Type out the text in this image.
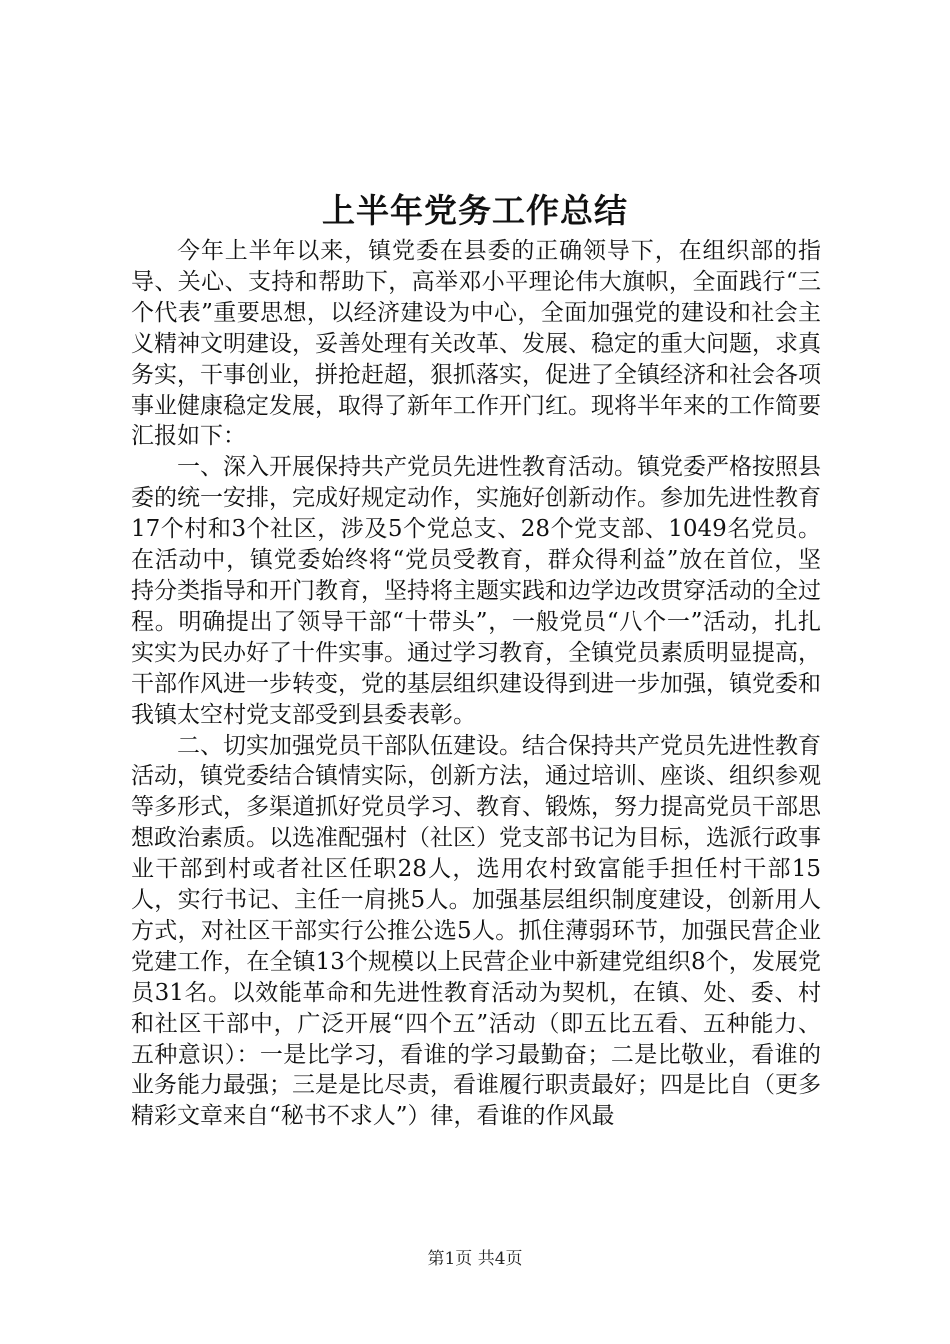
上半年党务工作总结

今年上半年以来，镇党委在县委的正确领导下，在组织部的指导、关心、支持和帮助下，高举邓小平理论伟大旗帜，全面践行“三个代表”重要思想，以经济建设为中心，全面加强党的建设和社会主义精神文明建设，妥善处理有关改革、发展、稳定的重大问题，求真务实，干事创业，拼抢赶超，狠抓落实，促进了全镇经济和社会各项事业健康稳定发展，取得了新年工作开门红。现将半年来的工作简要汇报如下：

一、深入开展保持共产党员先进性教育活动。镇党委严格按照县委的统一安排，完成好规定动作，实施好创新动作。参加先进性教育17个村和3个社区，涉及5个党总支、28个党支部、1049名党员。在活动中，镇党委始终将“党员受教育，群众得利益”放在首位，坚持分类指导和开门教育，坚持将主题实践和边学边改贯穿活动的全过程。明确提出了领导干部“十带头”，一般党员“八个一”活动，扎扎实实为民办好了十件实事。通过学习教育，全镇党员素质明显提高，干部作风进一步转变，党的基层组织建设得到进一步加强，镇党委和我镇太空村党支部受到县委表彰。

二、切实加强党员干部队伍建设。结合保持共产党员先进性教育活动，镇党委结合镇情实际，创新方法，通过培训、座谈、组织参观等多形式，多渠道抓好党员学习、教育、锻炼，努力提高党员干部思想政治素质。以选准配强村（社区）党支部书记为目标，选派行政事业干部到村或者社区任职28人，选用农村致富能手担任村干部15人，实行书记、主任一肩挑5人。加强基层组织制度建设，创新用人方式，对社区干部实行公推公选5人。抓住薄弱环节，加强民营企业党建工作，在全镇13个规模以上民营企业中新建党组织8个，发展党员31名。以效能革命和先进性教育活动为契机，在镇、处、委、村和社区干部中，广泛开展“四个五”活动（即五比五看、五种能力、五种意识）：一是比学习，看谁的学习最勤奋；二是比敬业，看谁的业务能力最强；三是是比尽责，看谁履行职责最好；四是比自（更多精彩文章来自“秘书不求人”）律，看谁的作风最

第1页 共4页
